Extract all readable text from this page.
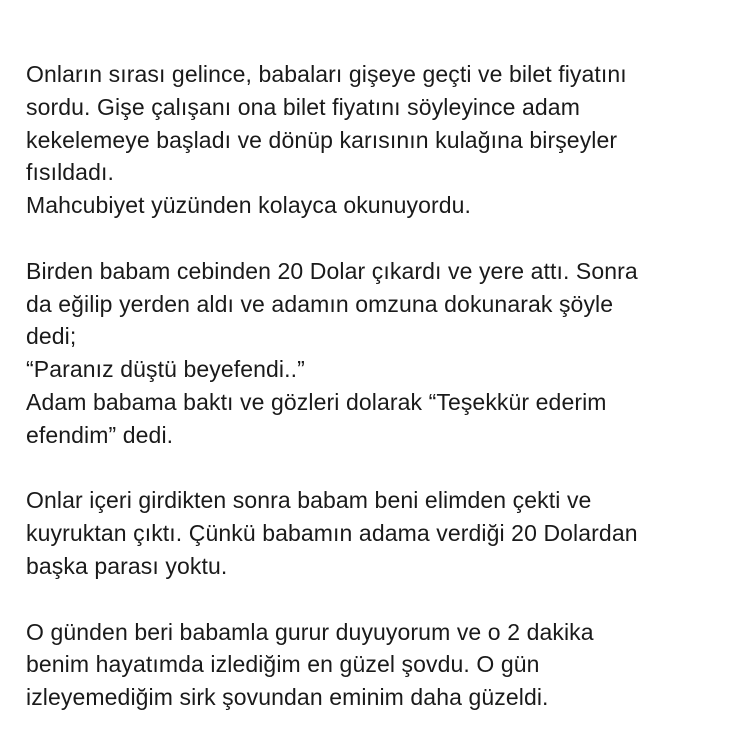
Onların sırası gelince, babaları gişeye geçti ve bilet fiyatını
sordu. Gişe çalışanı ona bilet fiyatını söyleyince adam
kekelemeye başladı ve dönüp karısının kulağına birşeyler
fısıldadı.
Mahcubiyet yüzünden kolayca okunuyordu.
Birden babam cebinden 20 Dolar çıkardı ve yere attı. Sonra
da eğilip yerden aldı ve adamın omzuna dokunarak şöyle
dedi;
“Paranız düştü beyefendi..”
Adam babama baktı ve gözleri dolarak “Teşekkür ederim
efendim” dedi.
Onlar içeri girdikten sonra babam beni elimden çekti ve
kuyruktan çıktı. Çünkü babamın adama verdiği 20 Dolardan
başka parası yoktu.
O günden beri babamla gurur duyuyorum ve o 2 dakika
benim hayatımda izlediğim en güzel şovdu. O gün
izleyemediğim sirk şovundan eminim daha güzeldi.
